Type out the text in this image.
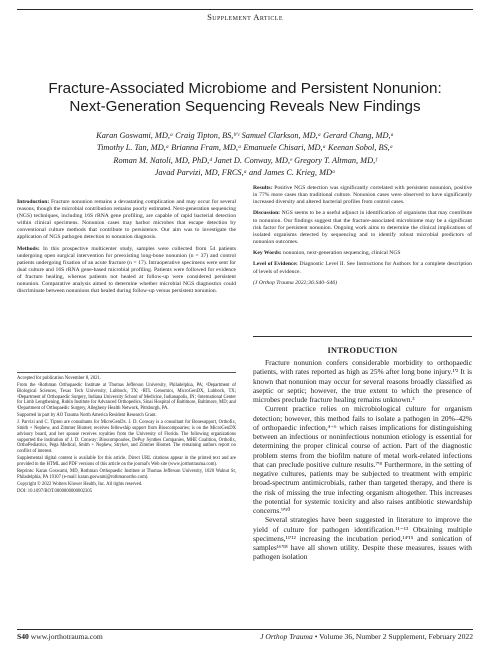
Supplement Article
Fracture-Associated Microbiome and Persistent Nonunion:
Next-Generation Sequencing Reveals New Findings
Karan Goswami, MD,ᵃ Craig Tipton, BS,ᵇ'ᶜ Samuel Clarkson, MD,ᵃ Gerard Chang, MD,ᵃ
Timothy L. Tan, MD,ᵃ Brianna Fram, MD,ᵃ Emanuele Chisari, MD,ᵃ Keenan Sobol, BS,ᵃ
Roman M. Natoli, MD, PhD,ᵈ Janet D. Conway, MD,ᵉ Gregory T. Altman, MD,ᶠ
Javad Parvizi, MD, FRCS,ᵃ and James C. Krieg, MDᵃ

Introduction: Fracture nonunion remains a devastating complication and may occur for several reasons, though the microbial contribution remains poorly estimated. Next-generation sequencing (NGS) techniques, including 16S rRNA gene profiling, are capable of rapid bacterial detection within clinical specimens. Nonunion cases may harbor microbes that escape detection by conventional culture methods that contribute to persistence. Our aim was to investigate the application of NGS pathogen detection to nonunion diagnosis.

Methods: In this prospective multicenter study, samples were collected from 54 patients undergoing open surgical intervention for preexisting long-bone nonunion (n = 37) and control patients undergoing fixation of an acute fracture (n = 17). Intraoperative specimens were sent for dual culture and 16S rRNA gene-based microbial profiling. Patients were followed for evidence of fracture healing, whereas patients not healed at follow-up were considered persistent nonunion. Comparative analysis aimed to determine whether microbial NGS diagnostics could discriminate between nonunions that healed during follow-up versus persistent nonunion.

Accepted for publication November 8, 2021.

From the ᵃRothman Orthopaedic Institute at Thomas Jefferson University, Philadelphia, PA; ᵇDepartment of Biological Sciences, Texas Tech University, Lubbock, TX; ᶜRTL Genomics, MicroGenDX, Lubbock, TX; ᵈDepartment of Orthopaedic Surgery, Indiana University School of Medicine, Indianapolis, IN; ᵉInternational Center for Limb Lengthening, Rubin Institute for Advanced Orthopedics, Sinai Hospital of Baltimore, Baltimore, MD; and ᶠDepartment of Orthopaedic Surgery, Allegheny Health Network, Pittsburgh, PA.

Supported in part by AO Trauma North America Resident Research Grant.

J. Parvizi and C. Tipton are consultants for MicroGenDx. J. D. Conway is a consultant for Bonesupport, Orthofix, Smith + Nephew, and Zimmer Biomet; receives fellowship support from Bioscompoaries; is on the MicroGenDX advisory board, and her spouse receives royalties from the University of Florida. The following organizations supported the institution of J. D. Conway: Bioscompoaries, DePuy Synthes Companies, MHE Coalition, Orthofix, OrthoPediatrics, Pega Medical, Smith + Nephew, Stryker, and Zimmer Biomet. The remaining authors report no conflict of interest.

Supplemental digital content is available for this article. Direct URL citations appear in the printed text and are provided in the HTML and PDF versions of this article on the journal's Web site (www.jorthotrauma.com).

Reprints: Karan Goswami, MD, Rothman Orthopaedic Institute at Thomas Jefferson University, 1020 Walnut St, Philadelphia, PA 19107 (e-mail: karan.goswami@rothmanortho.com).

Copyright © 2022 Wolters Kluwer Health, Inc. All rights reserved.

DOI: 10.1097/BOT.0000000000002305

Results: Positive NGS detection was significantly correlated with persistent nonunion, positive in 77% more cases than traditional culture. Nonunion cases were observed to have significantly increased diversity and altered bacterial profiles from control cases.

Discussion: NGS seems to be a useful adjunct in identification of organisms that may contribute to nonunion. Our findings suggest that the fracture-associated microbiome may be a significant risk factor for persistent nonunion. Ongoing work aims to determine the clinical implications of isolated organisms detected by sequencing and to identify robust microbial predictors of nonunion outcomes.

Key Words: nonunion, next-generation sequencing, clinical NGS

Level of Evidence: Diagnostic Level II. See Instructions for Authors for a complete description of levels of evidence.

(J Orthop Trauma 2022;36:S40–S46)

INTRODUCTION

Fracture nonunion confers considerable morbidity to orthopaedic patients, with rates reported as high as 25% after long bone injury.¹'² It is known that nonunion may occur for several reasons broadly classified as aseptic or septic; however, the true extent to which the presence of microbes preclude fracture healing remains unknown.³

Current practice relies on microbiological culture for organism detection; however, this method fails to isolate a pathogen in 20%–42% of orthopaedic infection,⁴⁻⁶ which raises implications for distinguishing between an infectious or noninfectious nonunion etiology is essential for determining the proper clinical course of action. Part of the diagnostic problem stems from the biofilm nature of metal work-related infections that can preclude positive culture results.⁷'⁸ Furthermore, in the setting of negative cultures, patients may be subjected to treatment with empiric broad-spectrum antimicrobials, rather than targeted therapy, and there is the risk of missing the true infecting organism altogether. This increases the potential for systemic toxicity and also raises antibiotic stewardship concerns.⁹'¹⁰

Several strategies have been suggested in literature to improve the yield of culture for pathogen identification.¹¹⁻¹³ Obtaining multiple specimens,¹¹'¹² increasing the incubation period,¹⁴'¹⁵ and sonication of samples¹⁶'¹⁸ have all shown utility. Despite these measures, issues with pathogen isolation

S40 www.jorthotrauma.com	J Orthop Trauma • Volume 36, Number 2 Supplement, February 2022
